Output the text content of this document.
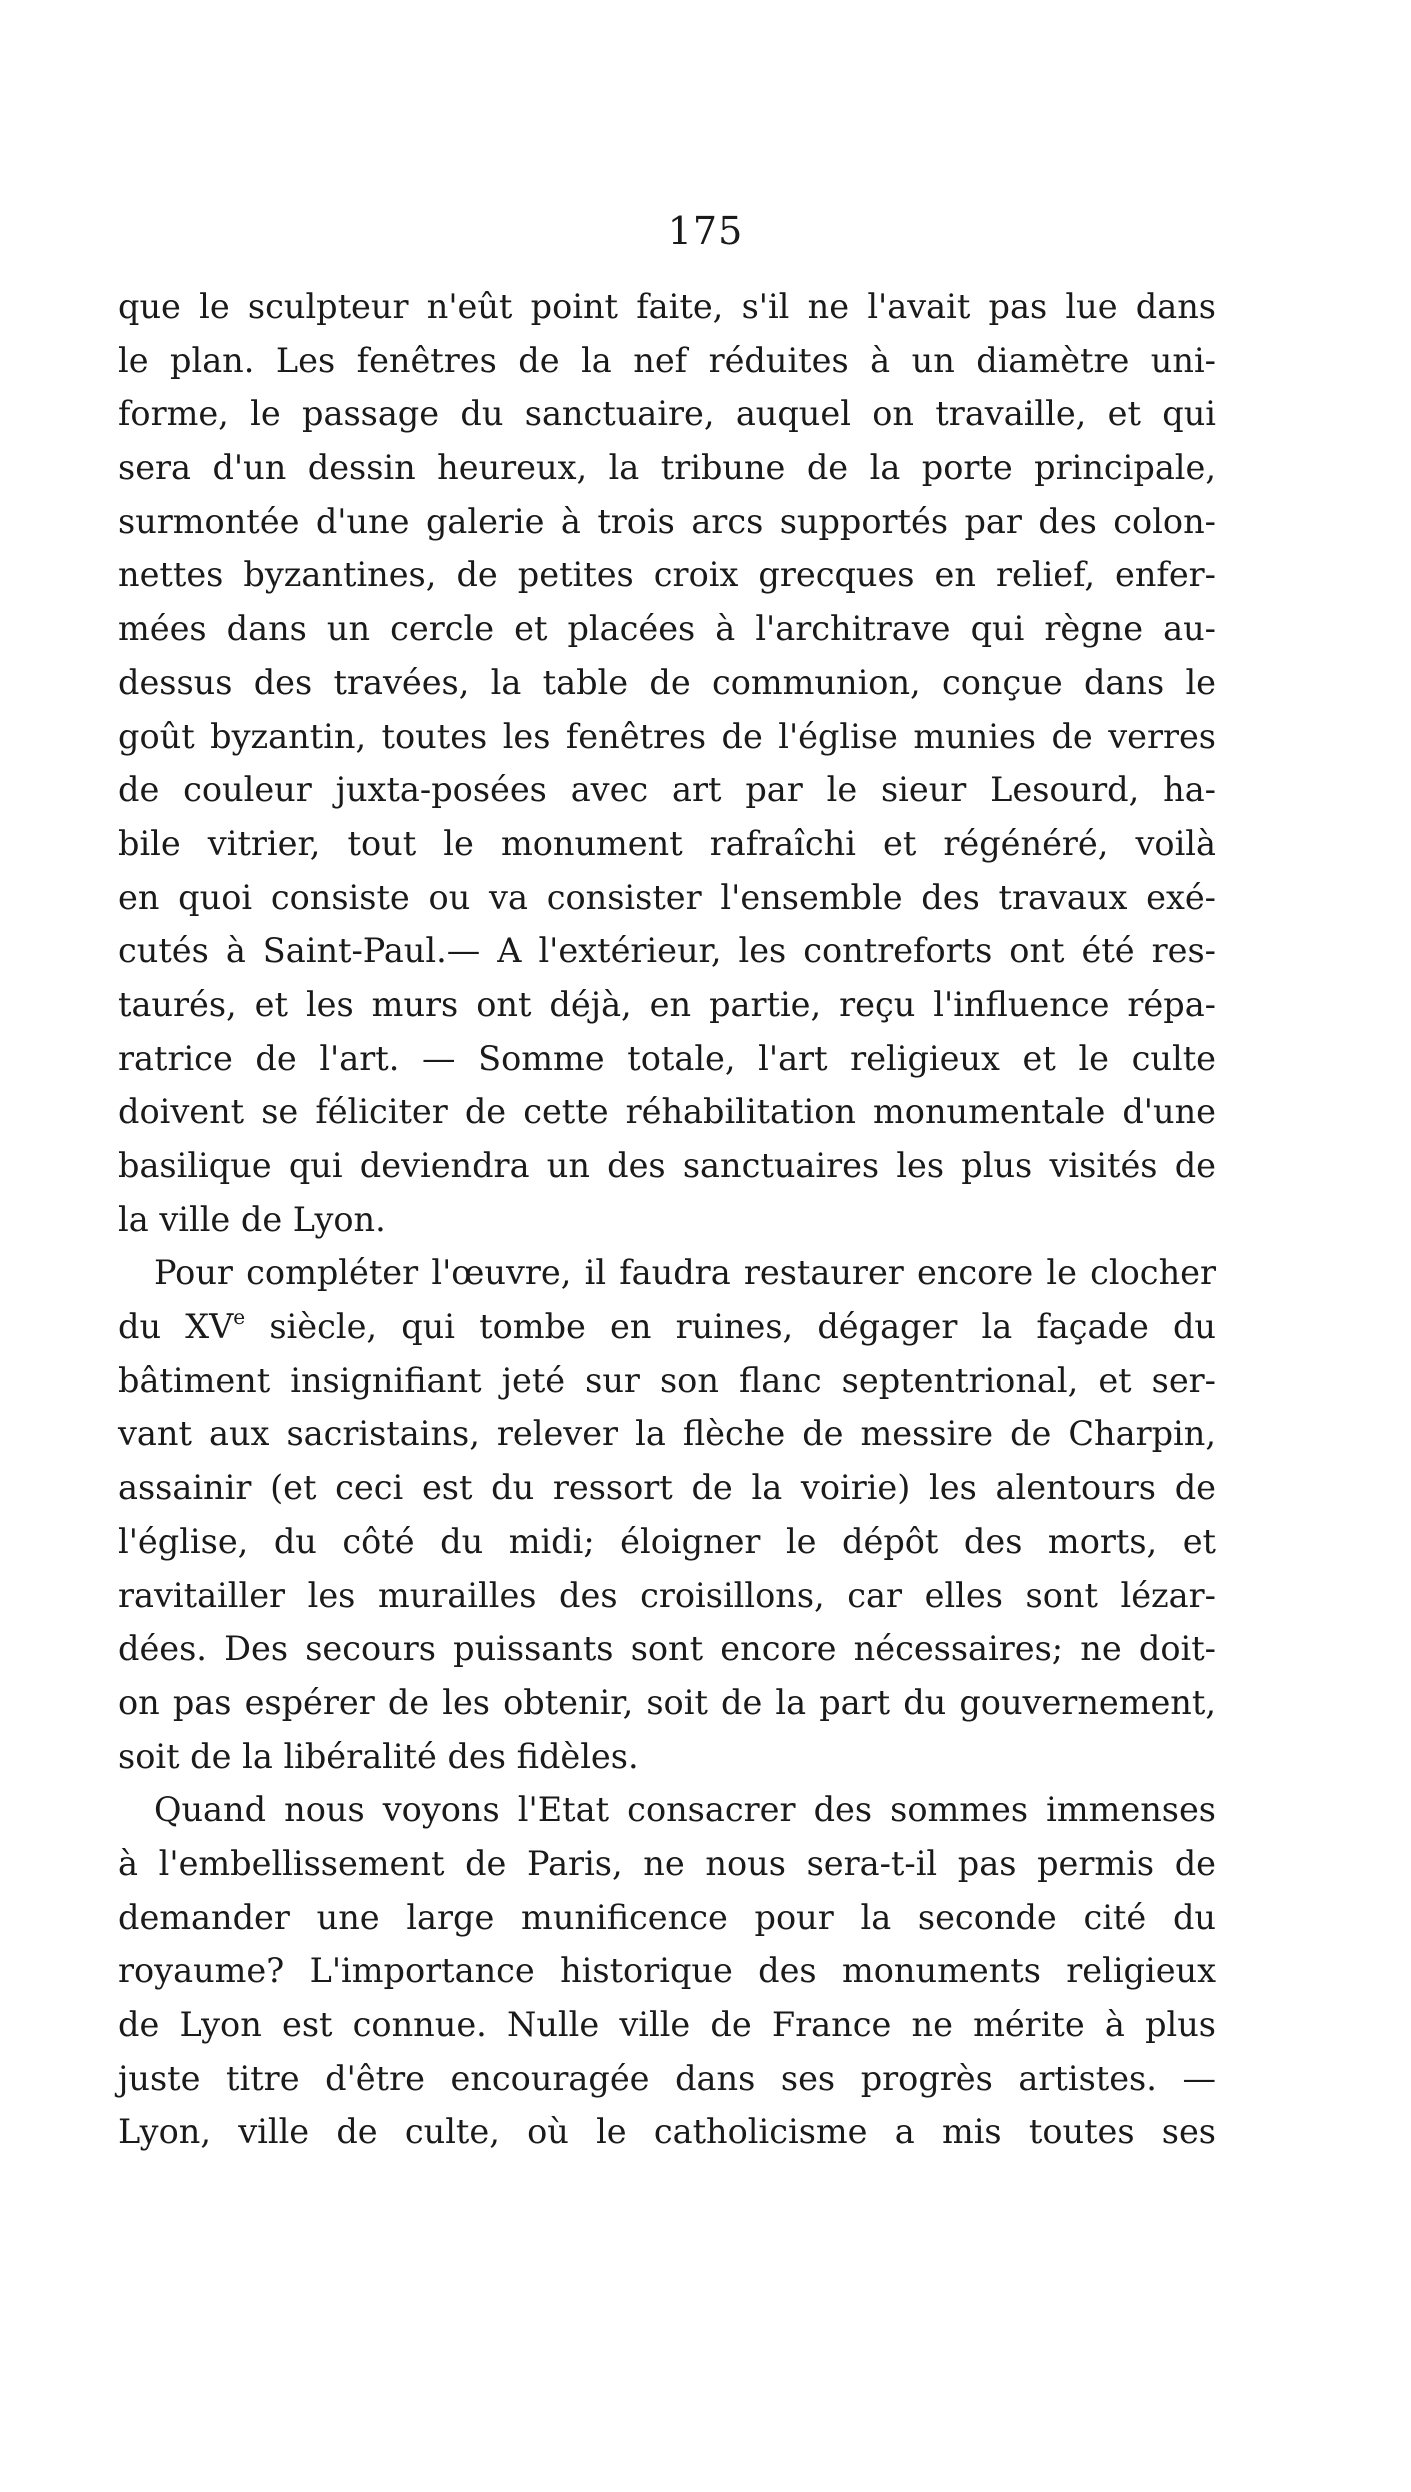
175
que le sculpteur n'eût point faite, s'il ne l'avait pas lue dans
le plan. Les fenêtres de la nef réduites à un diamètre uni-
forme, le passage du sanctuaire, auquel on travaille, et qui
sera d'un dessin heureux, la tribune de la porte principale,
surmontée d'une galerie à trois arcs supportés par des colon-
nettes byzantines, de petites croix grecques en relief, enfer-
mées dans un cercle et placées à l'architrave qui règne au-
dessus des travées, la table de communion, conçue dans le
goût byzantin, toutes les fenêtres de l'église munies de verres
de couleur juxta-posées avec art par le sieur Lesourd, ha-
bile vitrier, tout le monument rafraîchi et régénéré, voilà
en quoi consiste ou va consister l'ensemble des travaux exé-
cutés à Saint-Paul.— A l'extérieur, les contreforts ont été res-
taurés, et les murs ont déjà, en partie, reçu l'influence répa-
ratrice de l'art. — Somme totale, l'art religieux et le culte
doivent se féliciter de cette réhabilitation monumentale d'une
basilique qui deviendra un des sanctuaires les plus visités de
la ville de Lyon.
Pour compléter l'œuvre, il faudra restaurer encore le clocher
du XVe siècle, qui tombe en ruines, dégager la façade du
bâtiment insignifiant jeté sur son flanc septentrional, et ser-
vant aux sacristains, relever la flèche de messire de Charpin,
assainir (et ceci est du ressort de la voirie) les alentours de
l'église, du côté du midi; éloigner le dépôt des morts, et
ravitailler les murailles des croisillons, car elles sont lézar-
dées. Des secours puissants sont encore nécessaires; ne doit-
on pas espérer de les obtenir, soit de la part du gouvernement,
soit de la libéralité des fidèles.
Quand nous voyons l'Etat consacrer des sommes immenses
à l'embellissement de Paris, ne nous sera-t-il pas permis de
demander une large munificence pour la seconde cité du
royaume? L'importance historique des monuments religieux
de Lyon est connue. Nulle ville de France ne mérite à plus
juste titre d'être encouragée dans ses progrès artistes. —
Lyon, ville de culte, où le catholicisme a mis toutes ses
